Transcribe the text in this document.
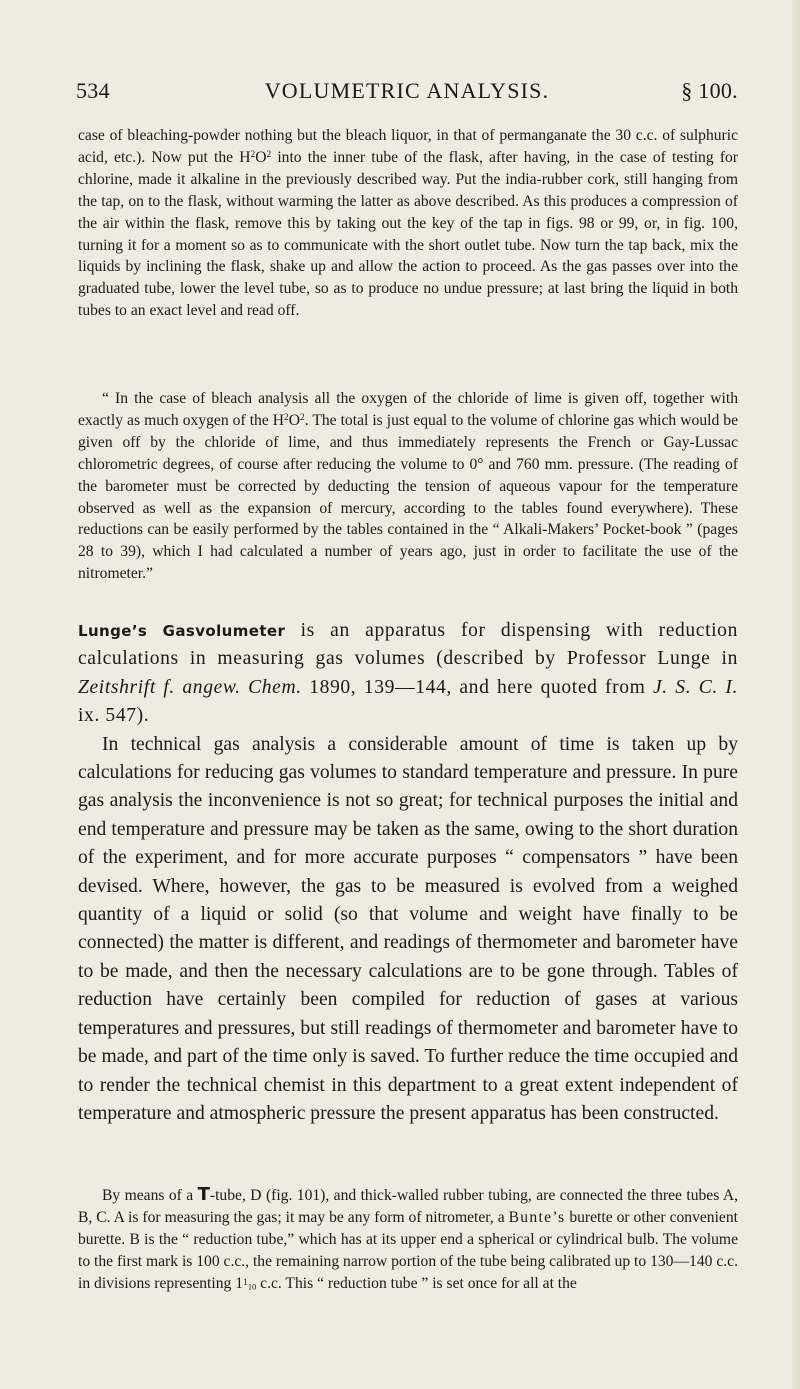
534	VOLUMETRIC ANALYSIS.	§ 100.

case of bleaching-powder nothing but the bleach liquor, in that of permanganate the 30 c.c. of sulphuric acid, etc.). Now put the $H^2O^2$ into the inner tube of the flask, after having, in the case of testing for chlorine, made it alkaline in the previously described way. Put the india-rubber cork, still hanging from the tap, on to the flask, without warming the latter as above described. As this produces a compression of the air within the flask, remove this by taking out the key of the tap in figs. 98 or 99, or, in fig. 100, turning it for a moment so as to communicate with the short outlet tube. Now turn the tap back, mix the liquids by inclining the flask, shake up and allow the action to proceed. As the gas passes over into the graduated tube, lower the level tube, so as to produce no undue pressure; at last bring the liquid in both tubes to an exact level and read off.

“ In the case of bleach analysis all the oxygen of the chloride of lime is given off, together with exactly as much oxygen of the $H^2O^2$. The total is just equal to the volume of chlorine gas which would be given off by the chloride of lime, and thus immediately represents the French or Gay-Lussac chlorometric degrees, of course after reducing the volume to 0° and 760 mm. pressure. (The reading of the barometer must be corrected by deducting the tension of aqueous vapour for the temperature observed as well as the expansion of mercury, according to the tables found everywhere). These reductions can be easily performed by the tables contained in the “ Alkali-Makers’ Pocket-book ” (pages 28 to 39), which I had calculated a number of years ago, just in order to facilitate the use of the nitrometer.”

Lunge’s Gasvolumeter is an apparatus for dispensing with reduction calculations in measuring gas volumes (described by Professor Lunge in Zeitshrift f. angew. Chem. 1890, 139—144, and here quoted from J. S. C. I. ix. 547).

In technical gas analysis a considerable amount of time is taken up by calculations for reducing gas volumes to standard temperature and pressure. In pure gas analysis the inconvenience is not so great; for technical purposes the initial and end temperature and pressure may be taken as the same, owing to the short duration of the experiment, and for more accurate purposes “ compensators ” have been devised. Where, however, the gas to be measured is evolved from a weighed quantity of a liquid or solid (so that volume and weight have finally to be connected) the matter is different, and readings of thermometer and barometer have to be made, and then the necessary calculations are to be gone through. Tables of reduction have certainly been compiled for reduction of gases at various temperatures and pressures, but still readings of thermometer and barometer have to be made, and part of the time only is saved. To further reduce the time occupied and to render the technical chemist in this department to a great extent independent of temperature and atmospheric pressure the present apparatus has been constructed.

By means of a T-tube, D (fig. 101), and thick-walled rubber tubing, are connected the three tubes A, B, C. A is for measuring the gas; it may be any form of nitrometer, a Bunte’s burette or other convenient burette. B is the “ reduction tube,” which has at its upper end a spherical or cylindrical bulb. The volume to the first mark is 100 c.c., the remaining narrow portion of the tube being calibrated up to 130—140 c.c. in divisions representing 1110 c.c. This “ reduction tube ” is set once for all at the
